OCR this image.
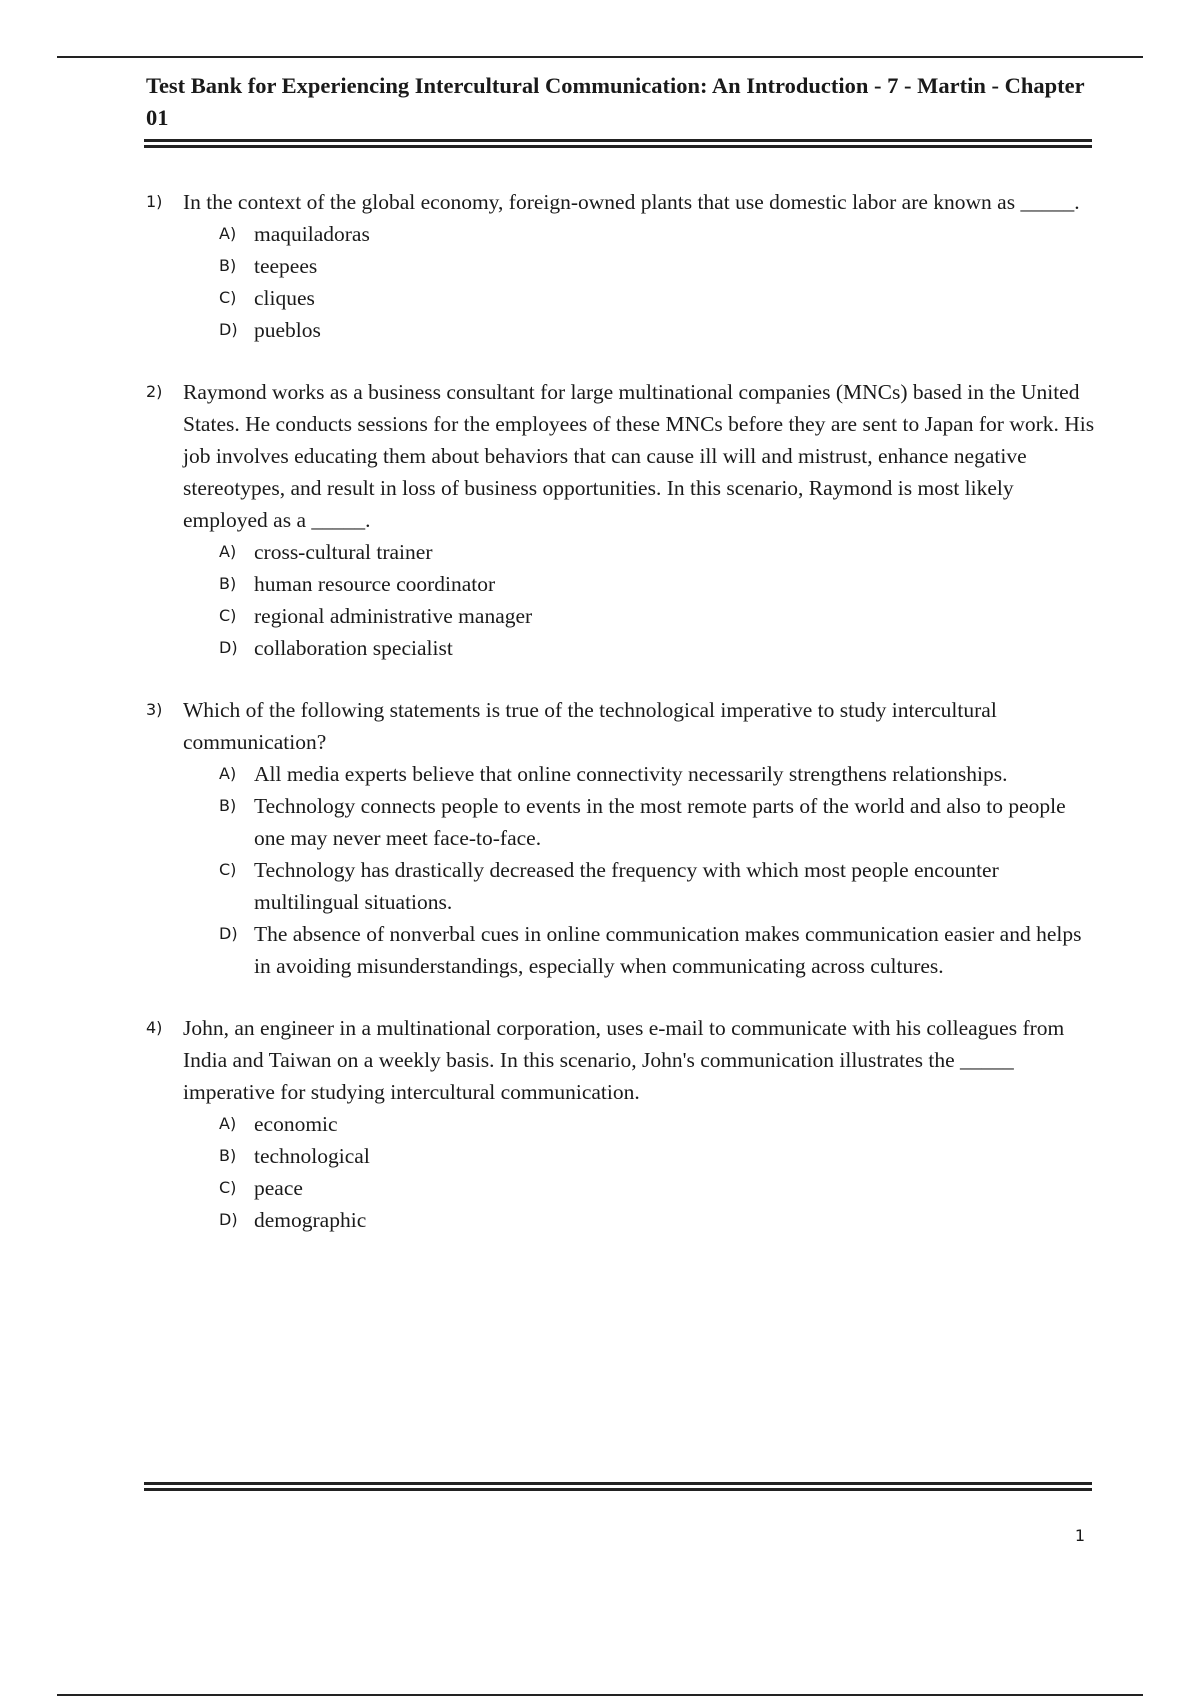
Test Bank for Experiencing Intercultural Communication: An Introduction - 7 - Martin - Chapter 01
1) In the context of the global economy, foreign-owned plants that use domestic labor are known as _____.

A) maquiladoras
B) teepees
C) cliques
D) pueblos
2) Raymond works as a business consultant for large multinational companies (MNCs) based in the United States. He conducts sessions for the employees of these MNCs before they are sent to Japan for work. His job involves educating them about behaviors that can cause ill will and mistrust, enhance negative stereotypes, and result in loss of business opportunities. In this scenario, Raymond is most likely employed as a _____.

A) cross-cultural trainer
B) human resource coordinator
C) regional administrative manager
D) collaboration specialist
3) Which of the following statements is true of the technological imperative to study intercultural communication?

A) All media experts believe that online connectivity necessarily strengthens relationships.
B) Technology connects people to events in the most remote parts of the world and also to people one may never meet face-to-face.
C) Technology has drastically decreased the frequency with which most people encounter multilingual situations.
D) The absence of nonverbal cues in online communication makes communication easier and helps in avoiding misunderstandings, especially when communicating across cultures.
4) John, an engineer in a multinational corporation, uses e-mail to communicate with his colleagues from India and Taiwan on a weekly basis. In this scenario, John's communication illustrates the _____ imperative for studying intercultural communication.

A) economic
B) technological
C) peace
D) demographic
1
